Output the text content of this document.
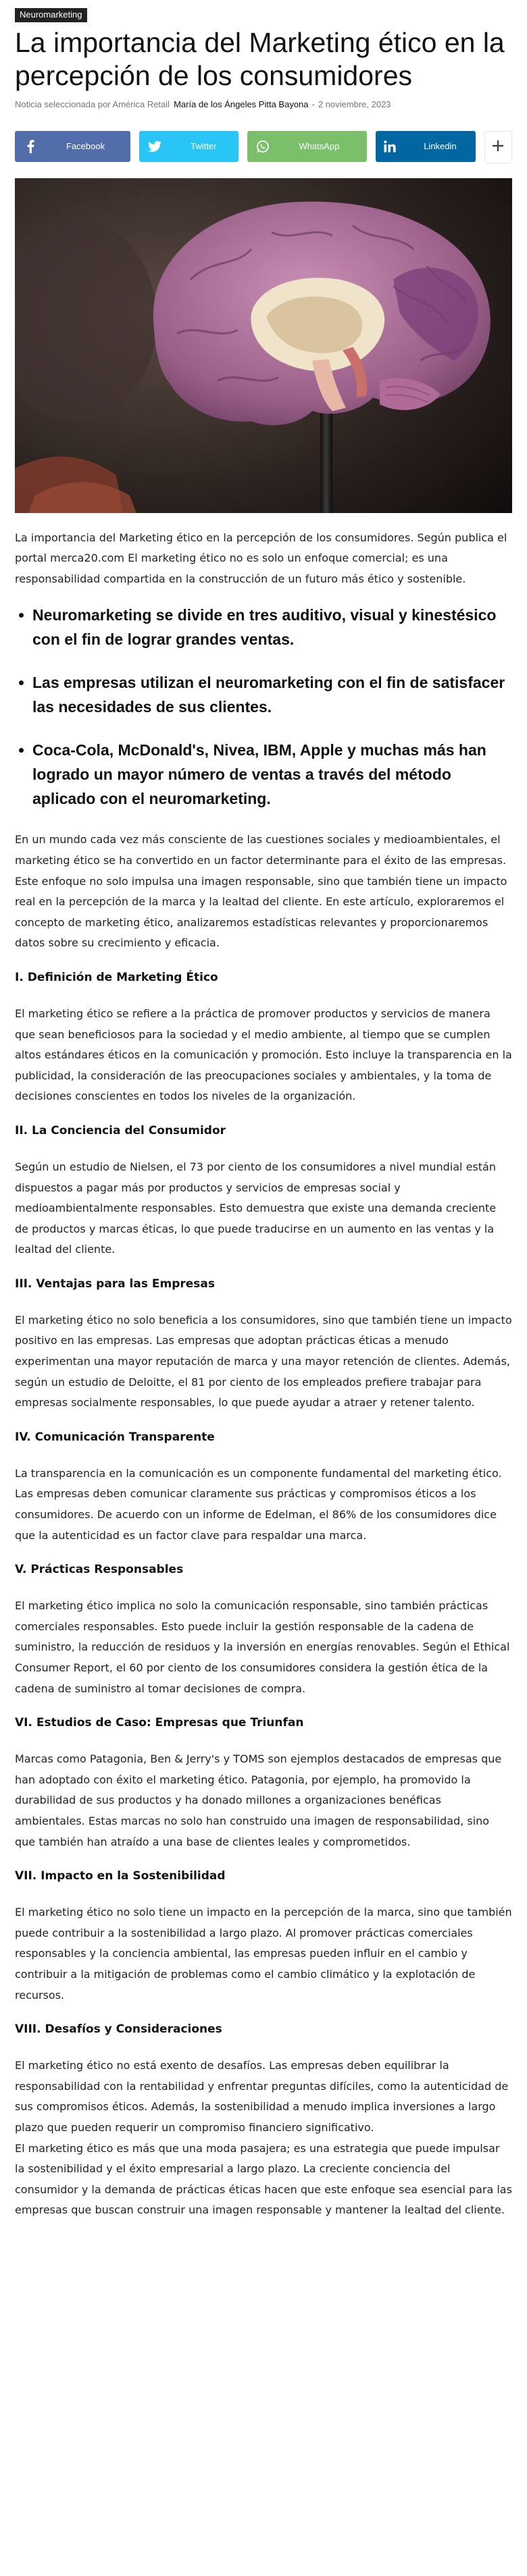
Neuromarketing
La importancia del Marketing ético en la percepción de los consumidores
Noticia seleccionada por América Retail María de los Ángeles Pitta Bayona - 2 noviembre, 2023
Facebook	Twitter	WhatsApp	Linkedin

La importancia del Marketing ético en la percepción de los consumidores. Según publica el portal merca20.com El marketing ético no es solo un enfoque comercial; es una responsabilidad compartida en la construcción de un futuro más ético y sostenible.

Neuromarketing se divide en tres auditivo, visual y kinestésico con el fin de lograr grandes ventas.
Las empresas utilizan el neuromarketing con el fin de satisfacer las necesidades de sus clientes.
Coca-Cola, McDonald's, Nivea, IBM, Apple y muchas más han logrado un mayor número de ventas a través del método aplicado con el neuromarketing.

En un mundo cada vez más consciente de las cuestiones sociales y medioambientales, el marketing ético se ha convertido en un factor determinante para el éxito de las empresas. Este enfoque no solo impulsa una imagen responsable, sino que también tiene un impacto real en la percepción de la marca y la lealtad del cliente. En este artículo, exploraremos el concepto de marketing ético, analizaremos estadísticas relevantes y proporcionaremos datos sobre su crecimiento y eficacia.

I. Definición de Marketing Ético

El marketing ético se refiere a la práctica de promover productos y servicios de manera que sean beneficiosos para la sociedad y el medio ambiente, al tiempo que se cumplen altos estándares éticos en la comunicación y promoción. Esto incluye la transparencia en la publicidad, la consideración de las preocupaciones sociales y ambientales, y la toma de decisiones conscientes en todos los niveles de la organización.

II. La Conciencia del Consumidor

Según un estudio de Nielsen, el 73 por ciento de los consumidores a nivel mundial están dispuestos a pagar más por productos y servicios de empresas social y medioambientalmente responsables. Esto demuestra que existe una demanda creciente de productos y marcas éticas, lo que puede traducirse en un aumento en las ventas y la lealtad del cliente.

III. Ventajas para las Empresas

El marketing ético no solo beneficia a los consumidores, sino que también tiene un impacto positivo en las empresas. Las empresas que adoptan prácticas éticas a menudo experimentan una mayor reputación de marca y una mayor retención de clientes. Además, según un estudio de Deloitte, el 81 por ciento de los empleados prefiere trabajar para empresas socialmente responsables, lo que puede ayudar a atraer y retener talento.

IV. Comunicación Transparente

La transparencia en la comunicación es un componente fundamental del marketing ético. Las empresas deben comunicar claramente sus prácticas y compromisos éticos a los consumidores. De acuerdo con un informe de Edelman, el 86% de los consumidores dice que la autenticidad es un factor clave para respaldar una marca.

V. Prácticas Responsables

El marketing ético implica no solo la comunicación responsable, sino también prácticas comerciales responsables. Esto puede incluir la gestión responsable de la cadena de suministro, la reducción de residuos y la inversión en energías renovables. Según el Ethical Consumer Report, el 60 por ciento de los consumidores considera la gestión ética de la cadena de suministro al tomar decisiones de compra.

VI. Estudios de Caso: Empresas que Triunfan

Marcas como Patagonia, Ben & Jerry's y TOMS son ejemplos destacados de empresas que han adoptado con éxito el marketing ético. Patagonia, por ejemplo, ha promovido la durabilidad de sus productos y ha donado millones a organizaciones benéficas ambientales. Estas marcas no solo han construido una imagen de responsabilidad, sino que también han atraído a una base de clientes leales y comprometidos.

VII. Impacto en la Sostenibilidad

El marketing ético no solo tiene un impacto en la percepción de la marca, sino que también puede contribuir a la sostenibilidad a largo plazo. Al promover prácticas comerciales responsables y la conciencia ambiental, las empresas pueden influir en el cambio y contribuir a la mitigación de problemas como el cambio climático y la explotación de recursos.

VIII. Desafíos y Consideraciones

El marketing ético no está exento de desafíos. Las empresas deben equilibrar la responsabilidad con la rentabilidad y enfrentar preguntas difíciles, como la autenticidad de sus compromisos éticos. Además, la sostenibilidad a menudo implica inversiones a largo plazo que pueden requerir un compromiso financiero significativo.

El marketing ético es más que una moda pasajera; es una estrategia que puede impulsar la sostenibilidad y el éxito empresarial a largo plazo. La creciente conciencia del consumidor y la demanda de prácticas éticas hacen que este enfoque sea esencial para las empresas que buscan construir una imagen responsable y mantener la lealtad del cliente.
